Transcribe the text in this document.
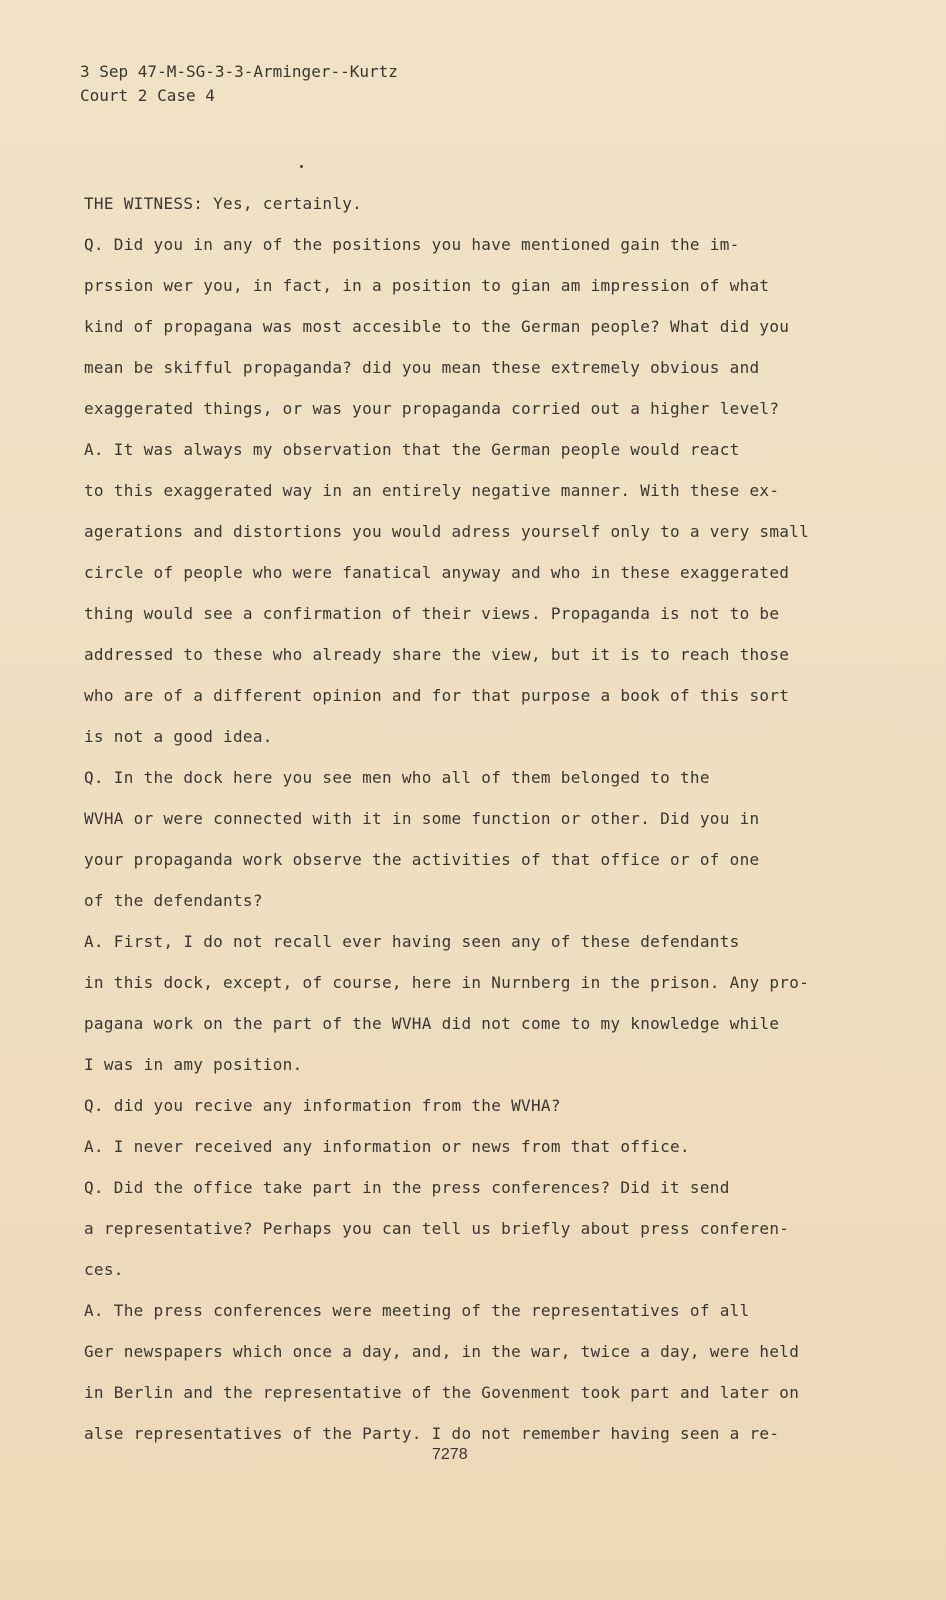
3 Sep 47-M-SG-3-3-Arminger--Kurtz
Court 2 Case 4
THE WITNESS: Yes, certainly.
Q. Did you in any of the positions you have mentioned gain the im-
prssion wer you, in fact, in a position to gian am impression of what
kind of propagana was most accesible to the German people? What did you
mean be skifful propaganda? did you mean these extremely obvious and
exaggerated things, or was your propaganda corried out a higher level?
A. It was always my observation that the German people would react
to this exaggerated way in an entirely negative manner. With these ex-
agerations and distortions you would adress yourself only to a very small
circle of people who were fanatical anyway and who in these exaggerated
thing would see a confirmation of their views. Propaganda is not to be
addressed to these who already share the view, but it is to reach those
who are of a different opinion and for that purpose a book of this sort
is not a good idea.
Q. In the dock here you see men who all of them belonged to the
WVHA or were connected with it in some function or other. Did you in
your propaganda work observe the activities of that office or of one
of the defendants?
A. First, I do not recall ever having seen any of these defendants
in this dock, except, of course, here in Nurnberg in the prison. Any pro-
pagana work on the part of the WVHA did not come to my knowledge while
I was in amy position.
Q. did you recive any information from the WVHA?
A. I never received any information or news from that office.
Q. Did the office take part in the press conferences? Did it send
a representative? Perhaps you can tell us briefly about press conferen-
ces.
A. The press conferences were meeting of the representatives of all
Ger newspapers which once a day, and, in the war, twice a day, were held
in Berlin and the representative of the Govenment took part and later on
alse representatives of the Party. I do not remember having seen a re-
7278
